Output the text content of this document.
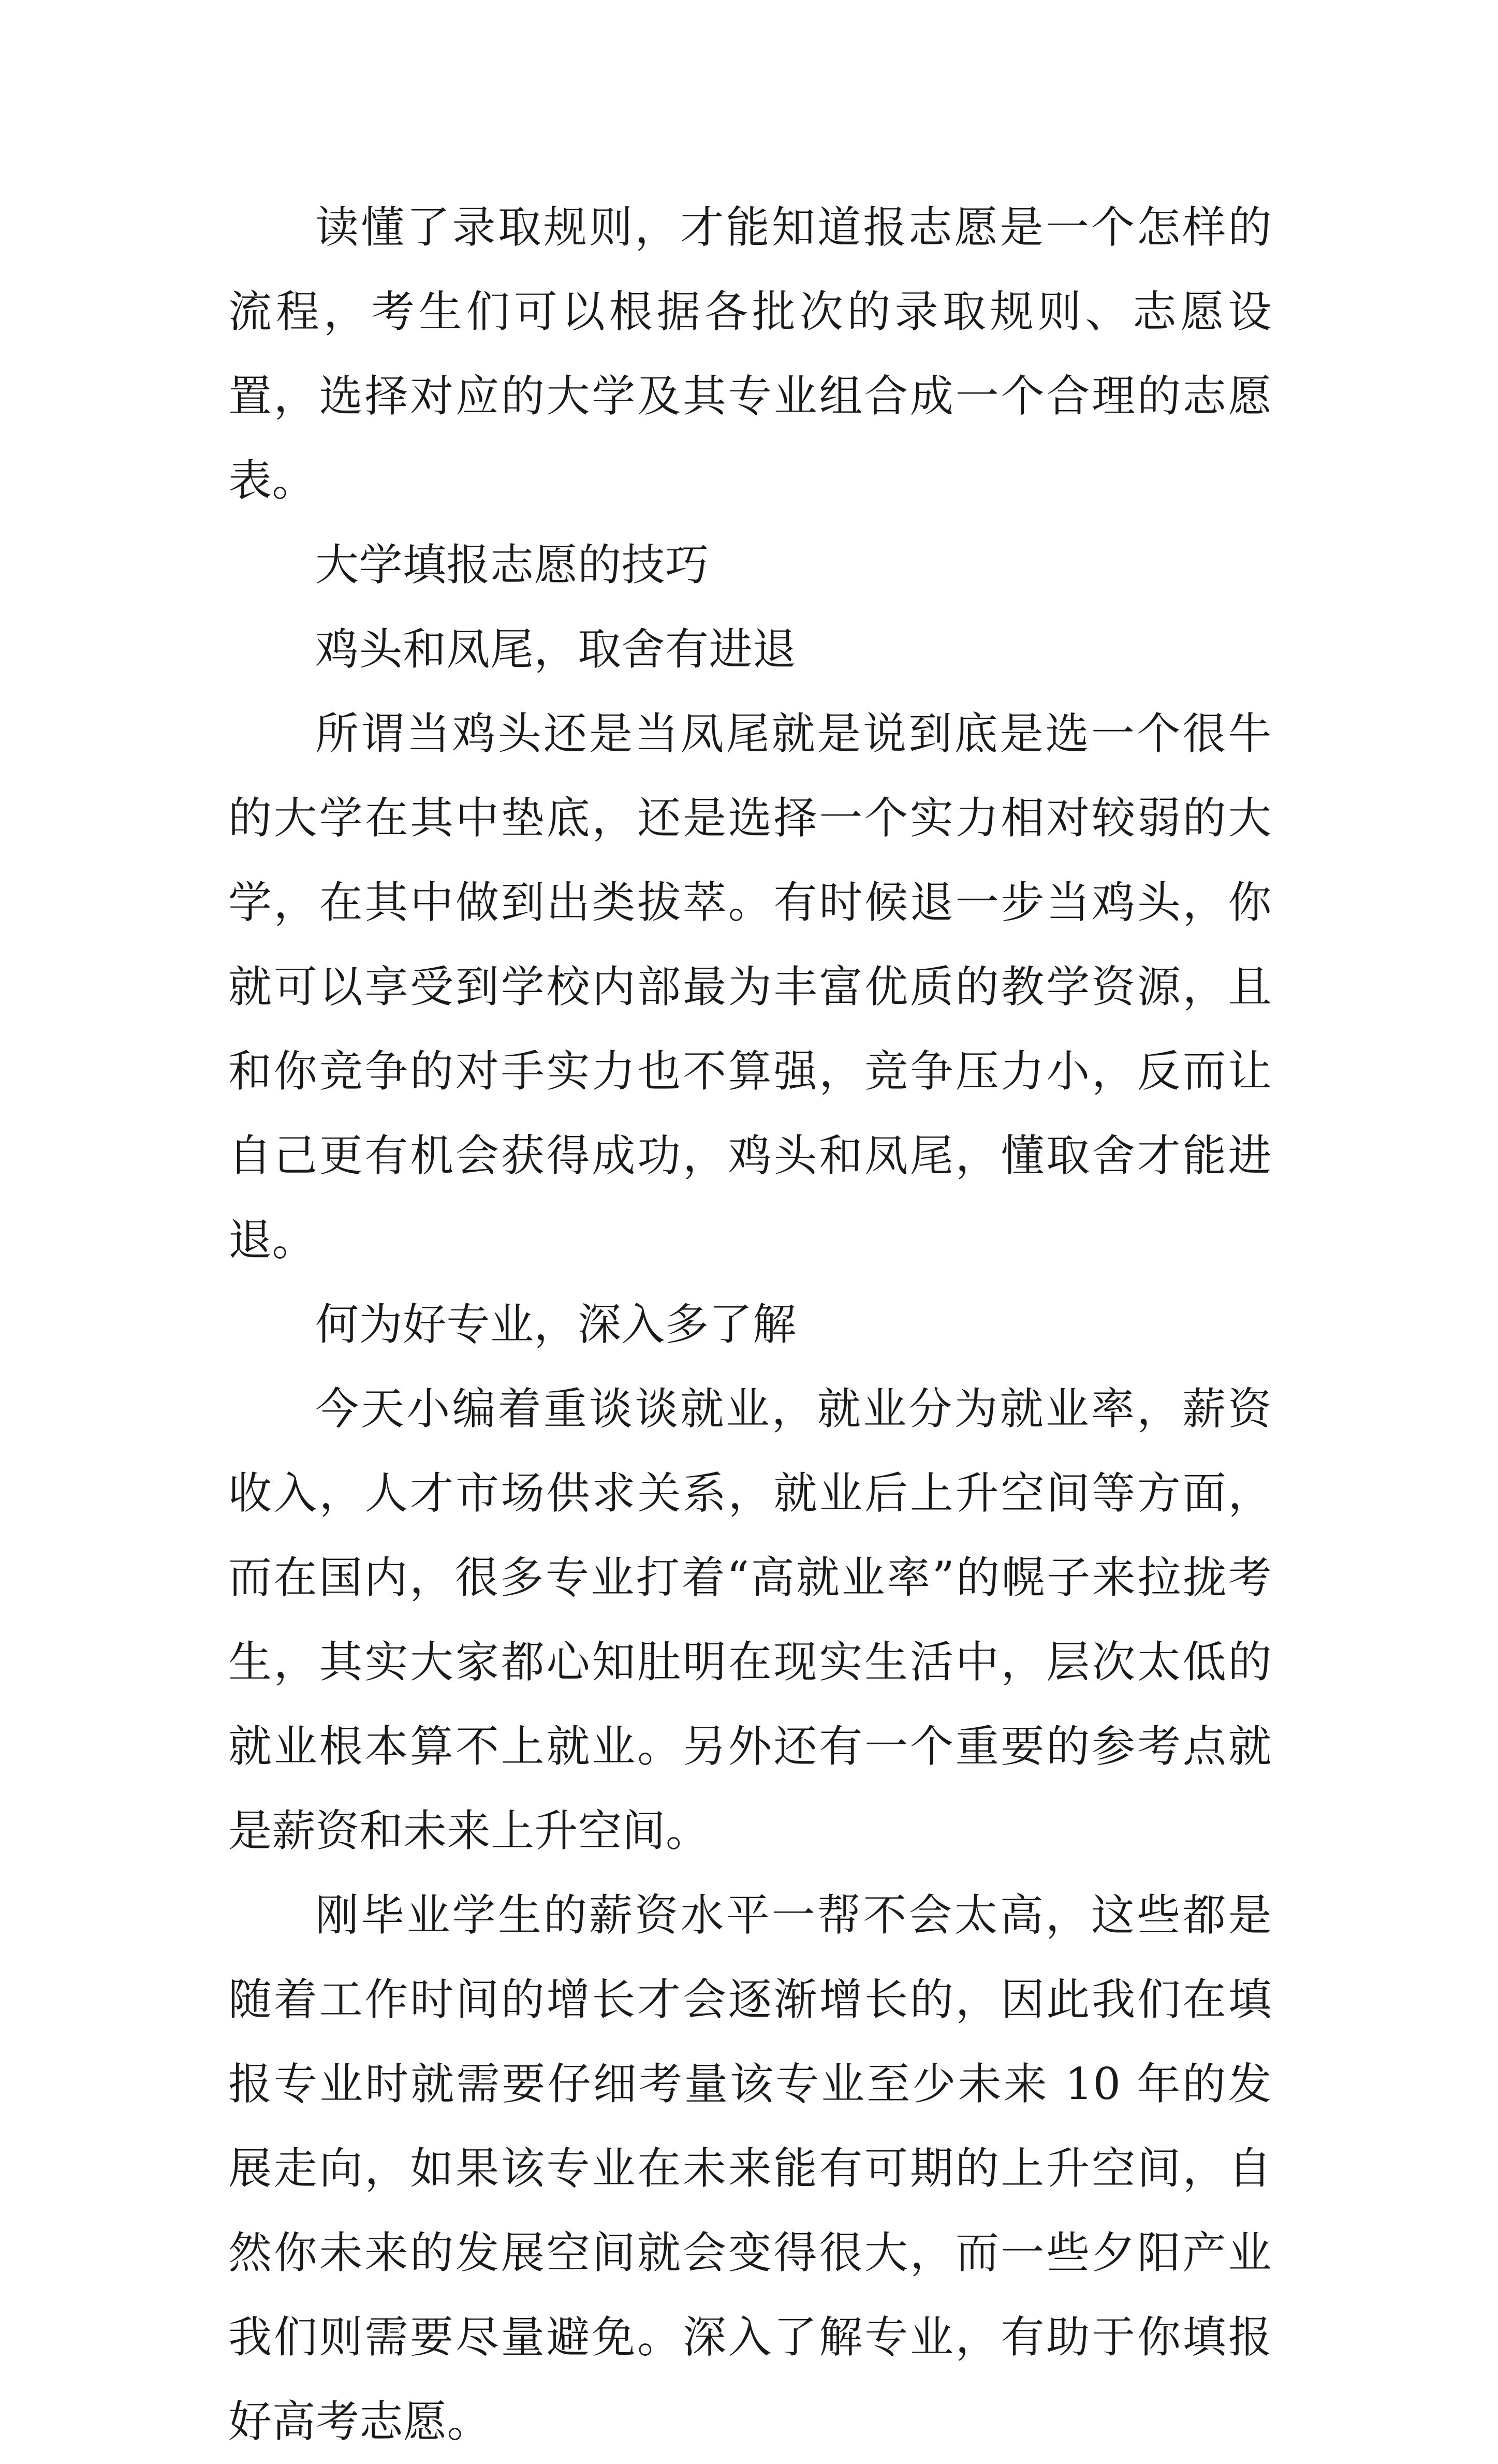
读懂了录取规则，才能知道报志愿是一个怎样的流程，考生们可以根据各批次的录取规则、志愿设置，选择对应的大学及其专业组合成一个合理的志愿表。

大学填报志愿的技巧

鸡头和凤尾，取舍有进退

所谓当鸡头还是当凤尾就是说到底是选一个很牛的大学在其中垫底，还是选择一个实力相对较弱的大学，在其中做到出类拔萃。有时候退一步当鸡头，你就可以享受到学校内部最为丰富优质的教学资源，且和你竞争的对手实力也不算强，竞争压力小，反而让自己更有机会获得成功，鸡头和凤尾，懂取舍才能进退。

何为好专业，深入多了解

今天小编着重谈谈就业，就业分为就业率，薪资收入，人才市场供求关系，就业后上升空间等方面，而在国内，很多专业打着“高就业率”的幌子来拉拢考生，其实大家都心知肚明在现实生活中，层次太低的就业根本算不上就业。另外还有一个重要的参考点就是薪资和未来上升空间。

刚毕业学生的薪资水平一帮不会太高，这些都是随着工作时间的增长才会逐渐增长的，因此我们在填报专业时就需要仔细考量该专业至少未来 10 年的发展走向，如果该专业在未来能有可期的上升空间，自然你未来的发展空间就会变得很大，而一些夕阳产业我们则需要尽量避免。深入了解专业，有助于你填报好高考志愿。
